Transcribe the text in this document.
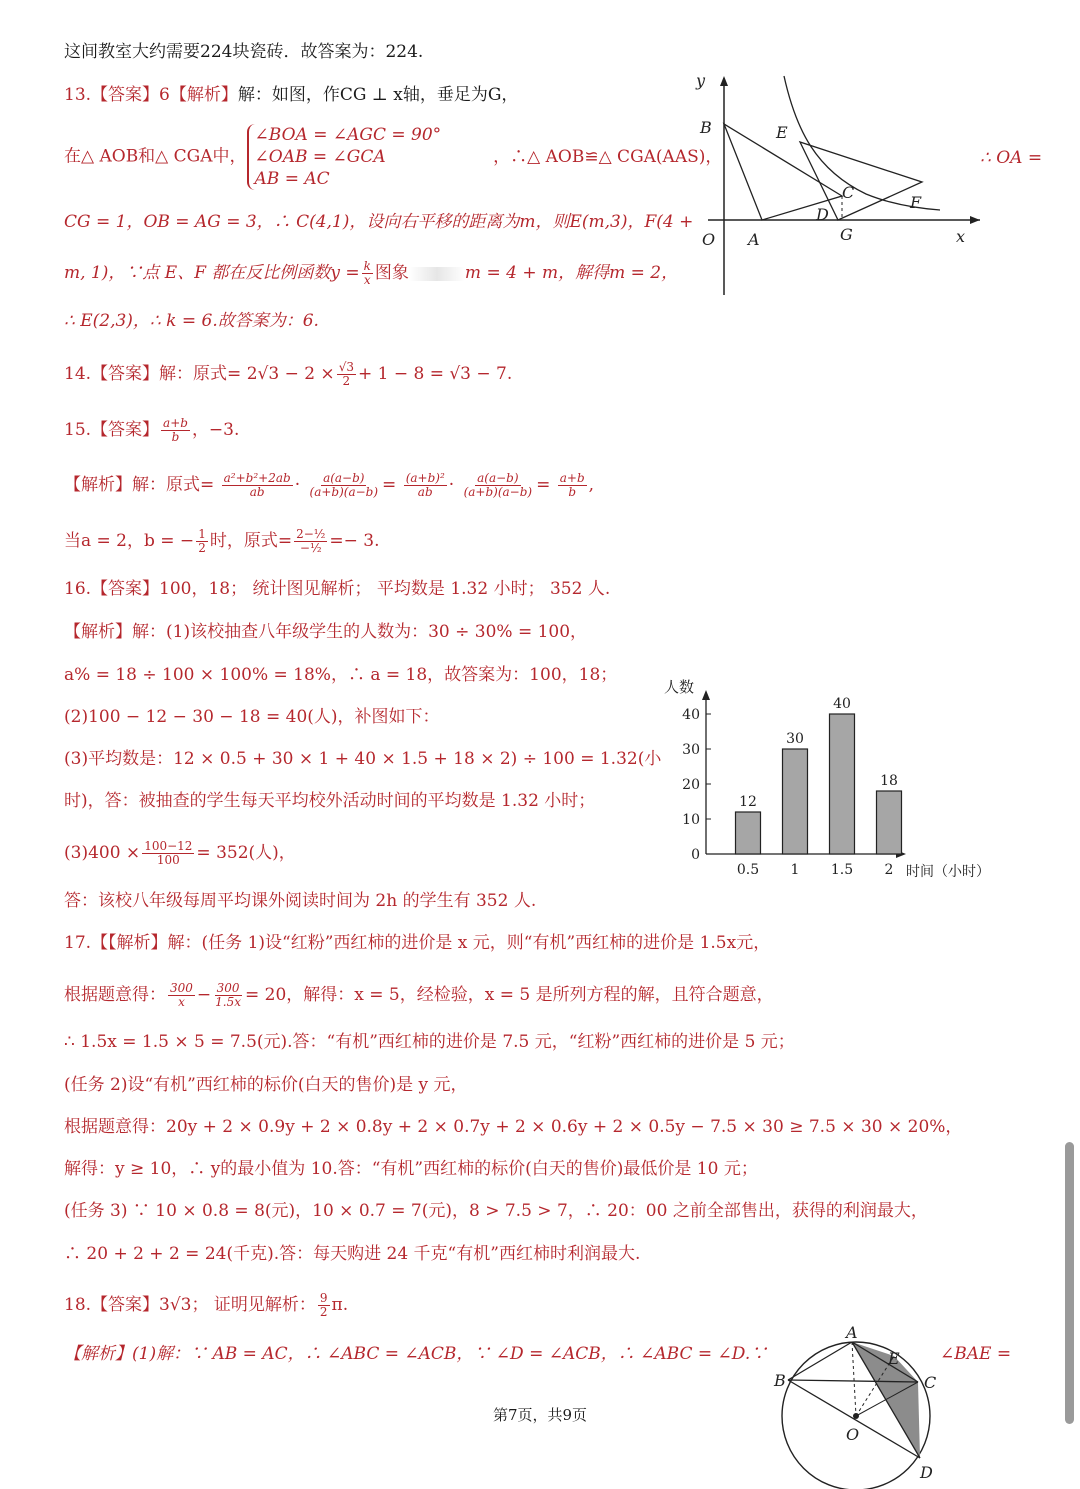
这间教室大约需要224块瓷砖．故答案为：224.
13.【答案】6【解析】解：如图，作CG ⊥ x轴，垂足为G，
在△ AOB和△ CGA中，
∠BOA = ∠AGC = 90°
∠OAB = ∠GCA
AB = AC
，∴△ AOB≌△ CGA(AAS)，	∴ OA =
CG = 1，OB = AG = 3，∴ C(4,1)，设向右平移的距离为m，则E(m,3)，F(4 +
m, 1)，∵点 E、F 都在反比例函数$y = \frac{k}{x}$ 图象	m = 4 + m，解得m = 2，
∴ E(2,3)，∴ k = 6.故答案为：6.
y
x
O A
B
C
D
E
F
G
14.【答案】解：原式= $2√3 - 2 \times \frac{√3}{2} + 1 - 8 = √3 - 7$.
15.【答案】 $\frac{a+b}{b}$ ，−3.
【解析】解：原式= $\frac{\text{a²+b²+2ab}}{ab} \cdot \frac{a(a-b)}{(a+b)(a-b)} = \frac{\text{(a+b)²}}{ab} \cdot \frac{a(a-b)}{(a+b)(a-b)} = \frac{a+b}{b}$ ,
当a = 2，b = − $\frac{1}{2}$ 时，原式= $\frac{\text{2−½}}{\text{−½}} =- 3$.
16.【答案】100，18； 统计图见解析； 平均数是 1.32 小时； 352 人.
【解析】解：(1)该校抽查八年级学生的人数为：30 ÷ 30% = 100，
a% = 18 ÷ 100 × 100% = 18%，∴ a = 18，故答案为：100，18；
(2)100 − 12 − 30 − 18 = 40(人)，补图如下：
(3)平均数是：12 × 0.5 + 30 × 1 + 40 × 1.5 + 18 × 2) ÷ 100 = 1.32(小
时)，答：被抽查的学生每天平均校外活动时间的平均数是 1.32 小时；
$(3)400 \times \frac{100-12}{100} = 352$(人)，
答：该校八年级每周平均课外阅读时间为 2h 的学生有 352 人.
人数
时间（小时）
0
10
20
30
40
12
0.5
30
1
40
1.5
18
2
17.【【解析】解：(任务 1)设“红粉”西红柿的进价是 x 元，则“有机”西红柿的进价是 1.5x元，
根据题意得： $\frac{300}{x} - \frac{300}{1.5x} = 20$，解得：x = 5，经检验，x = 5 是所列方程的解，且符合题意，
∴ 1.5x = 1.5 × 5 = 7.5(元).答：“有机”西红柿的进价是 7.5 元，“红粉”西红柿的进价是 5 元；
(任务 2)设“有机”西红柿的标价(白天的售价)是 y 元，
根据题意得：20y + 2 × 0.9y + 2 × 0.8y + 2 × 0.7y + 2 × 0.6y + 2 × 0.5y − 7.5 × 30 ≥ 7.5 × 30 × 20%，
解得：y ≥ 10，∴ y的最小值为 10.答：“有机”西红柿的标价(白天的售价)最低价是 10 元；
(任务 3) ∵ 10 × 0.8 = 8(元)，10 × 0.7 = 7(元)，8 > 7.5 > 7，∴ 20：00 之前全部售出，获得的利润最大，
∴ 20 + 2 + 2 = 24(千克).答：每天购进 24 千克“有机”西红柿时利润最大.
18.【答案】3√3； 证明见解析： $\frac{9}{2} \pi$.
【解析】(1)解：∵ AB = AC，∴ ∠ABC = ∠ACB，∵ ∠D = ∠ACB，∴ ∠ABC = ∠D.∵	∠BAE =
A
B	C
D
E
O
第7页，共9页
